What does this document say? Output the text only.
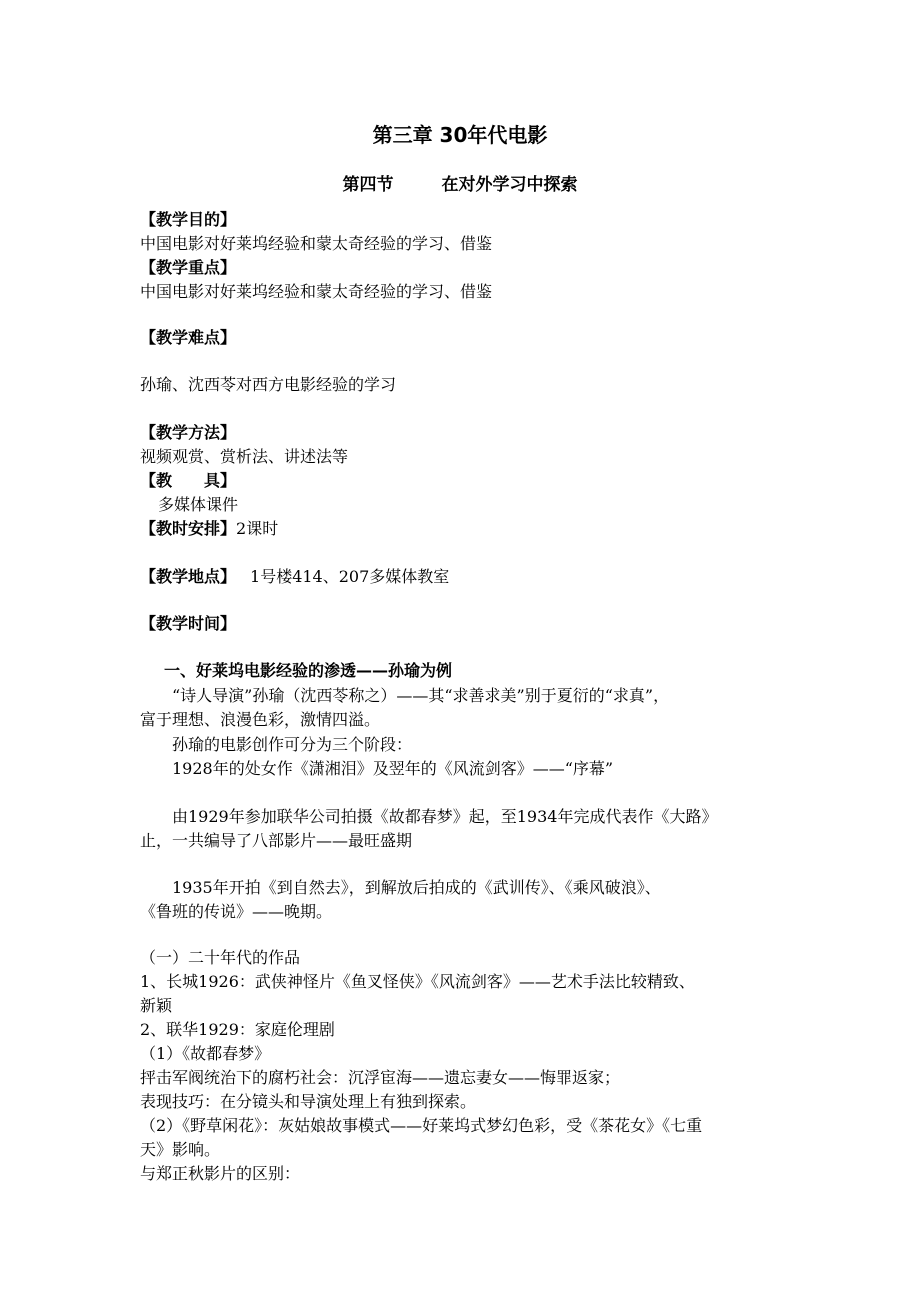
第三章 30年代电影
第四节	在对外学习中探索
【教学目的】
中国电影对好莱坞经验和蒙太奇经验的学习、借鉴
【教学重点】
中国电影对好莱坞经验和蒙太奇经验的学习、借鉴
【教学难点】
孙瑜、沈西苓对西方电影经验的学习
【教学方法】
视频观赏、赏析法、讲述法等
【教　　具】
多媒体课件
【教时安排】2课时
【教学地点】 1号楼414、207多媒体教室
【教学时间】
一、好莱坞电影经验的渗透——孙瑜为例
“诗人导演”孙瑜（沈西苓称之）——其“求善求美”别于夏衍的“求真”，
富于理想、浪漫色彩，激情四溢。
孙瑜的电影创作可分为三个阶段：
1928年的处女作《潇湘泪》及翌年的《风流剑客》——“序幕”
由1929年参加联华公司拍摄《故都春梦》起，至1934年完成代表作《大路》
止，一共编导了八部影片——最旺盛期
1935年开拍《到自然去》，到解放后拍成的《武训传》、《乘风破浪》、
《鲁班的传说》——晚期。
（一）二十年代的作品
1、长城1926：武侠神怪片《鱼叉怪侠》《风流剑客》——艺术手法比较精致、
新颖
2、联华1929：家庭伦理剧
（1）《故都春梦》
抨击军阀统治下的腐朽社会：沉浮宦海——遗忘妻女——悔罪返家；
表现技巧：在分镜头和导演处理上有独到探索。
（2）《野草闲花》：灰姑娘故事模式——好莱坞式梦幻色彩，受《茶花女》《七重
天》影响。
与郑正秋影片的区别：
